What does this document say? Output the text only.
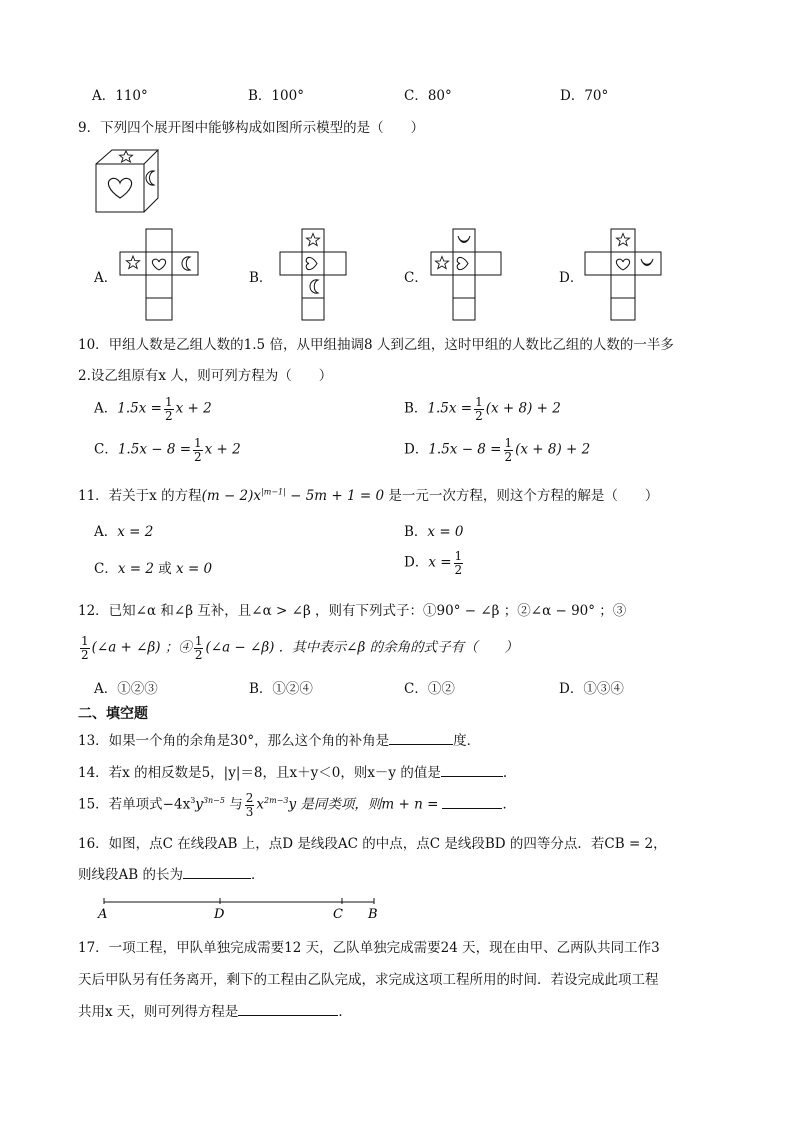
A．110°	B．100°	C．80°	D．70°
9．下列四个展开图中能够构成如图所示模型的是（　　）
A．	B．	C．	D．
10．甲组人数是乙组人数的1.5 倍，从甲组抽调8 人到乙组，这时甲组的人数比乙组的人数的一半多
2.设乙组原有x 人，则可列方程为（　　）
A．$1.5x = \frac{1}{2}$ x + 2	B．$1.5x = \frac{1}{2} (x + 8) + 2$
C．$1.5x - 8 = \frac{1}{2}$ x + 2	D．$1.5x - 8 = \frac{1}{2} (x + 8) + 2$
11．若关于x 的方程$(m - 2)x^{|m-1|} - 5m + 1 = 0$ 是一元一次方程，则这个方程的解是（　　）
A．x = 2	B．x = 0
C．x = 2 或 x = 0	D．$x = \frac{1}{2}$
12．已知∠α 和∠β 互补，且∠α > ∠β ，则有下列式子：①90° − ∠β ；②∠α − 90° ；③
$\frac{1}{2}$ (∠a + ∠β) ；④ $\frac{1}{2}$ (∠a − ∠β) ．其中表示∠β 的余角的式子有（　　）
A．①②③	B．①②④	C．①②	D．①③④
二、填空题
13．如果一个角的余角是30°，那么这个角的补角是	度．
14．若x 的相反数是5，|y|＝8，且x＋y＜0，则x－y 的值是	.
15．若单项式$-4x^3y^{3n-5}$ 与 $\frac{2}{3} x^{2m-3}y$ 是同类项，则m + n =	．
16．如图，点C 在线段AB 上，点D 是线段AC 的中点，点C 是线段BD 的四等分点．若CB = 2，
则线段AB 的长为	．
A	D	C B
17．一项工程，甲队单独完成需要12 天，乙队单独完成需要24 天，现在由甲、乙两队共同工作3
天后甲队另有任务离开，剩下的工程由乙队完成，求完成这项工程所用的时间．若设完成此项工程
共用x 天，则可列得方程是	．
